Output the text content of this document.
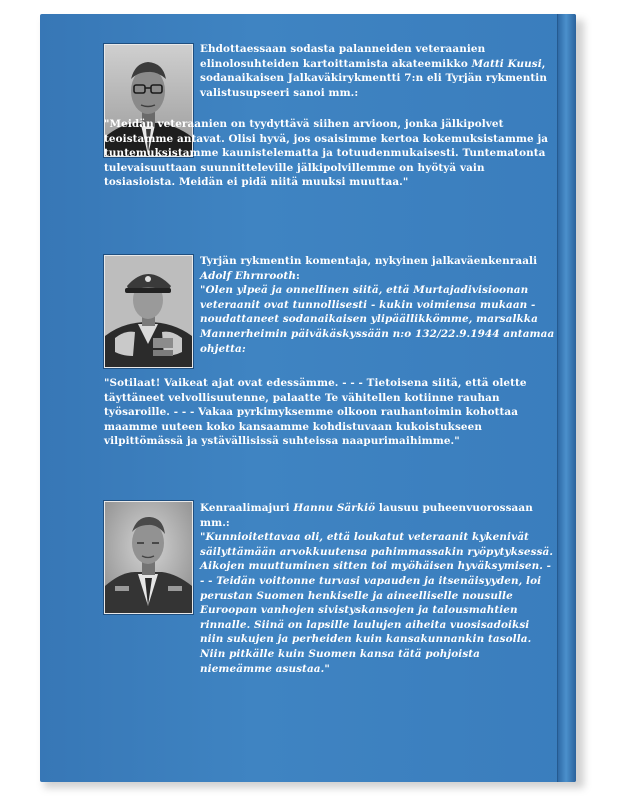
Ehdottaessaan sodasta palanneiden veteraanien elinolosuhteiden kartoittamista akateemikko Matti Kuusi, sodanaikaisen Jalkaväkirykmentti 7:n eli Tyrjän rykmentin valistusupseeri sanoi mm.:

"Meidän veteraanien on tyydyttävä siihen arvioon, jonka jälkipolvet teoistamme antavat. Olisi hyvä, jos osaisimme kertoa kokemuksistamme ja tuntemuksistamme kaunistelematta ja totuudenmukaisesti. Tuntematonta tulevaisuuttaan suunnitteleville jälkipolvillemme on hyötyä vain tosiasioista. Meidän ei pidä niitä muuksi muuttaa."

Tyrjän rykmentin komentaja, nykyinen jalkaväenkenraali Adolf Ehrnrooth:

"Olen ylpeä ja onnellinen siitä, että Murtajadivisioonan veteraanit ovat tunnollisesti - kukin voimiensa mukaan - noudattaneet sodanaikaisen ylipäällikkömme, marsalkka Mannerheimin päiväkäskyssään n:o 132/22.9.1944 antamaa ohjetta:

"Sotilaat! Vaikeat ajat ovat edessämme. - - - Tietoisena siitä, että olette täyttäneet velvollisuutenne, palaatte Te vähitellen kotiinne rauhan työsaroille. - - - Vakaa pyrkimyksemme olkoon rauhantoimin kohottaa maamme uuteen koko kansaamme kohdistuvaan kukoistukseen vilpittömässä ja ystävällisissä suhteissa naapurimaihimme."

Kenraalimajuri Hannu Särkiö lausuu puheenvuorossaan mm.:

"Kunnioitettavaa oli, että loukatut veteraanit kykenivät säilyttämään arvokkuutensa pahimmassakin ryöpytyksessä. Aikojen muuttuminen sitten toi myöhäisen hyväksymisen. - - - Teidän voittonne turvasi vapauden ja itsenäisyyden, loi perustan Suomen henkiselle ja aineelliselle nousulle Euroopan vanhojen sivistyskansojen ja talousmahtien rinnalle. Siinä on lapsille laulujen aiheita vuosisadoiksi niin sukujen ja perheiden kuin kansakunnankin tasolla. Niin pitkälle kuin Suomen kansa tätä pohjoista niemeämme asustaa."
